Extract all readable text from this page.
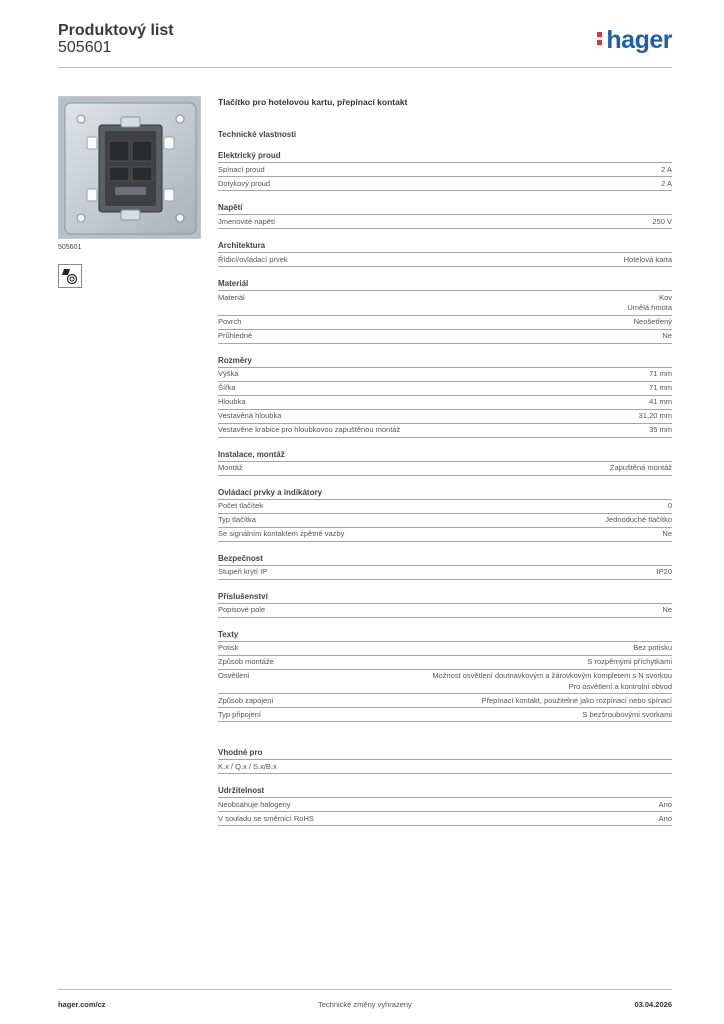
Produktový list
505601	hager
505601
Tlačítko pro hotelovou kartu, přepínací kontakt
Technické vlastnosti
Elektrický proud
Spínací proud	2 A
Dotykový proud	2 A
Napětí
Jmenovité napětí	250 V
Architektura
Řídicí/ovládací prvek	Hotelová karta
Materiál
Materiál	Kov
Umělá hmota
Povrch	Neošetřený
Průhledné	Ne
Rozměry
Výška	71 mm
Šířka	71 mm
Hloubka	41 mm
Vestavěná hloubka	31,20 mm
Vestavěné krabice pro hloubkovou zapuštěnou montáž	35 mm
Instalace, montáž
Montáž	Zapuštěná montáž
Ovládací prvky a indikátory
Počet tlačítek	0
Typ tlačítka	Jednoduché tlačítko
Se signálním kontaktem zpětné vazby	Ne
Bezpečnost
Stupeň krytí IP	IP20
Příslušenství
Popisové pole	Ne
Texty
Potisk	Bez potisku
Způsob montáže	S rozpěrnými příchytkami
Osvětlení	Možnost osvětlení doutnavkovým a žárovkovým kompletem s N svorkou
Pro osvětlení a kontrolní obvod
Způsob zapojení	Přepínací kontakt, použitelné jako rozpínací nebo spínací
Typ připojení	S bezšroubovými svorkami
Vhodné pro
K.x / Q.x / S.x/B.x
Udržitelnost
Neobsahuje halogeny	Ano
V souladu se směrnicí RoHS	Ano
hager.com/cz	Technické změny vyhrazeny	03.04.2026
